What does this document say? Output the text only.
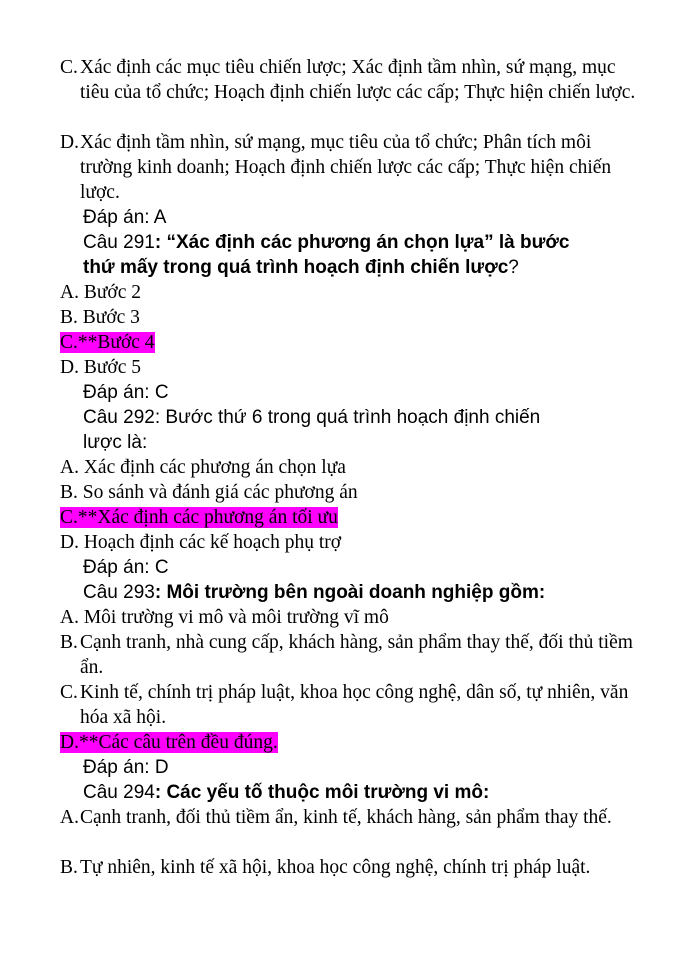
C. Xác định các mục tiêu chiến lược; Xác định tầm nhìn, sứ mạng, mục tiêu của tổ chức; Hoạch định chiến lược các cấp; Thực hiện chiến lược.
D. Xác định tầm nhìn, sứ mạng, mục tiêu của tổ chức; Phân tích môi trường kinh doanh; Hoạch định chiến lược các cấp; Thực hiện chiến lược.
Đáp án: A
Câu 291: “Xác định các phương án chọn lựa” là bước
thứ mấy trong quá trình hoạch định chiến lược?
A. Bước 2
B. Bước 3
C.**Bước 4
D. Bước 5
Đáp án: C
Câu 292: Bước thứ 6 trong quá trình hoạch định chiến
lược là:
A. Xác định các phương án chọn lựa
B. So sánh và đánh giá các phương án
C.**Xác định các phương án tối ưu
D. Hoạch định các kế hoạch phụ trợ
Đáp án: C
Câu 293: Môi trường bên ngoài doanh nghiệp gồm:
A. Môi trường vi mô và môi trường vĩ mô
B. Cạnh tranh, nhà cung cấp, khách hàng, sản phẩm thay thế, đối thủ tiềm ẩn.
C. Kinh tế, chính trị pháp luật, khoa học công nghệ, dân số, tự nhiên, văn hóa xã hội.
D.**Các câu trên đều đúng.
Đáp án: D
Câu 294: Các yếu tố thuộc môi trường vi mô:
A. Cạnh tranh, đối thủ tiềm ẩn, kinh tế, khách hàng, sản phẩm thay thế.
B. Tự nhiên, kinh tế xã hội, khoa học công nghệ, chính trị pháp luật.
